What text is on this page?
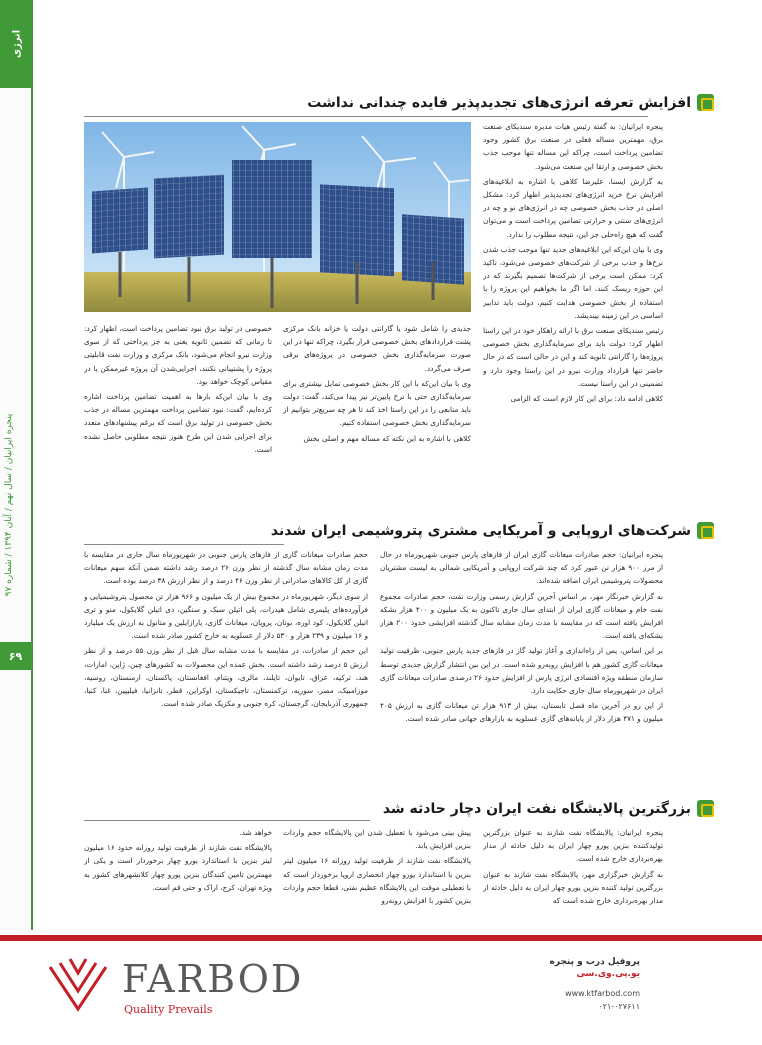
انرژی
پنجره ایرانیان / سال نهم / آبان ۱۳۹۴ / شماره ۹۷
۶۹
افزایش تعرفه انرژی‌های تجدیدپذیر فایده چندانی نداشت

پنجره ایرانیان: به گفته رئیس هیات مدیره سندیکای صنعت برق، مهمترین مساله فعلی در صنعت برق کشور وجود تضامین پرداخت است، چراکه این مساله تنها موجب جذب بخش خصوصی و ارتقا این صنعت می‌شود.

به گزارش ایسنا، علیرضا کلاهی با اشاره به ابلاغیه‌های افزایش نرخ خرید انرژی‌های تجدیدپذیر اظهار کرد: مشکل اصلی در جذب بخش خصوصی چه در انرژی‌های نو و چه در انرژی‌های سنتی و حرارتی تضامین پرداخت است و می‌توان گفت که هیچ راه‌حلی جز این، نتیجه مطلوب را ندارد.

وی با بیان این‌که این ابلاغیه‌های جدید تنها موجب جذب شدن نرخ‌ها و جذب برخی از شرکت‌های خصوصی می‌شود، تاکید کرد: ممکن است برخی از شرکت‌ها تصمیم بگیرند که در این حوزه ریسک کنند، اما اگر ما بخواهیم این پروژه را با استفاده از بخش خصوصی هدایت کنیم، دولت باید تدابیر اساسی در این زمینه بیندیشد.

رئیس سندیکای صنعت برق با ارائه راهکار خود در این راستا اظهار کرد: دولت باید برای سرمایه‌گذاری بخش خصوصی پروژه‌ها را گارانتی ثانویه کند و این در حالی است که در حال حاضر تنها قرارداد وزارت نیرو در این راستا وجود دارد و تضمینی در این راستا نیست.

کلاهی ادامه داد: برای این کار لازم است که الزامی

جدیدی را شامل شود یا گارانتی دولت یا خزانه بانک مرکزی پشت قراردادهای بخش خصوصی قرار بگیرد، چراکه تنها در این صورت سرمایه‌گذاری بخش خصوصی در پروژه‌های برقی صرف می‌گردد.

وی با بیان این‌که با این کار بخش خصوصی تمایل بیشتری برای سرمایه‌گذاری حتی با نرخ پایین‌تر نیز پیدا می‌کند، گفت: دولت باید منابعی را در این راستا اخذ کند تا هر چه سریع‌تر بتوانیم از سرمایه‌گذاری بخش خصوصی استفاده کنیم.

کلاهی با اشاره به این نکته که مساله مهم و اصلی بخش

خصوصی در تولید برق نبود تضامین پرداخت است، اظهار کرد: تا زمانی که تضمین ثانویه یعنی به جز پرداختی که از سوی وزارت نیرو انجام می‌شود، بانک مرکزی و وزارت نفت قابلیتی پروژه را پشتیبانی نکنند، اجرایی‌شدن آن پروژه غیرممکن یا در مقیاس کوچک خواهد بود.

وی با بیان این‌که بارها به اهمیت تضامین پرداخت اشاره کرده‌ایم، گفت: نبود تضامین پرداخت مهمترین مساله در جذب بخش خصوصی در تولید برق است که برغم پیشنهادهای متعدد برای اجرایی شدن این طرح هنوز نتیجه مطلوبی حاصل نشده است.

شرکت‌های اروپایی و آمریکایی مشتری پتروشیمی ایران شدند

پنجره ایرانیان: حجم صادرات میعانات گازی ایران از فازهای پارس جنوبی شهریورماه در حال از مرز ۹۰۰ هزار تن عبور کرد که چند شرکت اروپایی و آمریکایی شمالی به لیست مشتریان محصولات پتروشیمی ایران اضافه شده‌اند.

به گزارش خبرنگار مهر، بر اساس آخرین گزارش رسمی وزارت نفت، حجم صادرات مجموع نفت خام و میعانات گازی ایران از ابتدای سال جاری تاکنون به یک میلیون و ۴۰۰ هزار بشکه افزایش یافته است که در مقایسه با مدت زمان مشابه سال گذشته افزایشی حدود ۲۰۰ هزار بشکه‌ای یافته است.

بر این اساس، پس از راه‌اندازی و آغاز تولید گاز در فازهای جدید پارس جنوبی، ظرفیت تولید میعانات گازی کشور هم با افزایش روبه‌رو شده است. در این بین انتشار گزارش جدیدی توسط سازمان منطقه ویژه اقتصادی انرژی پارس از افزایش حدود ۲۶ درصدی صادرات میعانات گازی ایران در شهریورماه سال جاری حکایت دارد.

از این رو در آخرین ماه فصل تابستان، بیش از ۹۱۳ هزار تن میعانات گازی به ارزش ۴۰۵ میلیون و ۴۷۱ هزار دلار از پایانه‌های گازی عسلویه به بازارهای جهانی صادر شده است.

حجم صادرات میعانات گازی از فازهای پارس جنوبی در شهریورماه سال جاری در مقایسه با مدت زمان مشابه سال گذشته از نظر وزن ۲۶ درصد رشد داشته ضمن آنکه سهم میعانات گازی از کل کالاهای صادراتی از نظر وزن ۴۶ درصد و از نظر ارزش ۳۸ درصد بوده است.

از سوی دیگر، شهریورماه در مجموع بیش از یک میلیون و ۹۶۶ هزار تن محصول پتروشیمیایی و فرآورده‌های پلیمری شامل هیدرات، پلی اتیلن سبک و سنگین، دی اتیلن گلایکول، منو و تری اتیلن گلایکول، کود اوره، بوتان، پروپان، میعانات گازی، پارازایلین و متانول به ارزش یک میلیارد و ۱۶ میلیون و ۲۳۹ هزار و ۵۳۰ دلار از عسلویه به خارج کشور صادر شده است.

این حجم از صادرات، در مقایسه با مدت مشابه سال قبل از نظر وزن ۵۵ درصد و از نظر ارزش ۵ درصد رشد داشته است. بخش عمده این محصولات به کشورهای چین، ژاپن، امارات، هند، ترکیه، عراق، تایوان، تایلند، مالزی، ویتنام، افغانستان، پاکستان، ارمنستان، روسیه، موزامبیک، مصر، سوریه، ترکمنستان، تاجیکستان، اوکراین، قطر، تانزانیا، فیلیپین، غنا، کنیا، جمهوری آذربایجان، گرجستان، کره جنوبی و مکزیک صادر شده است.

بزرگترین پالایشگاه نفت ایران دچار حادثه شد

پنجره ایرانیان: پالایشگاه نفت شازند به عنوان بزرگترین تولیدکننده بنزین یورو چهار ایران به دلیل حادثه از مدار بهره‌برداری خارج شده است.

به گزارش خبرگزاری مهر، پالایشگاه نفت شازند به عنوان بزرگترین تولید کننده بنزین یورو چهار ایران به دلیل حادثه از مدار بهره‌برداری خارج شده است که

پیش بینی می‌شود با تعطیل شدن این پالایشگاه حجم واردات بنزین افزایش یابد.

پالایشگاه نفت شازند از ظرفیت تولید روزانه ۱۶ میلیون لیتر بنزین با استاندارد یورو چهار انحصاری اروپا برخوردار است که با تعطیلی موقت این پالایشگاه عظیم نفتی، قطعا حجم واردات بنزین کشور با افزایش روبه‌رو

خواهد شد.

پالایشگاه نفت شازند از ظرفیت تولید روزانه حدود ۱۶ میلیون لیتر بنزین با استاندارد یورو چهار برخوردار است و یکی از مهمترین تامین کنندگان بنزین یورو چهار کلانشهرهای کشور به ویژه تهران، کرج، اراک و حتی قم است.

FARBOD
Quality Prevails
پروفیل درب و پنجره
یو.پی.وی.سی
www.ktfarbod.com
۰۲۱-۰۲۷۶۱۱
